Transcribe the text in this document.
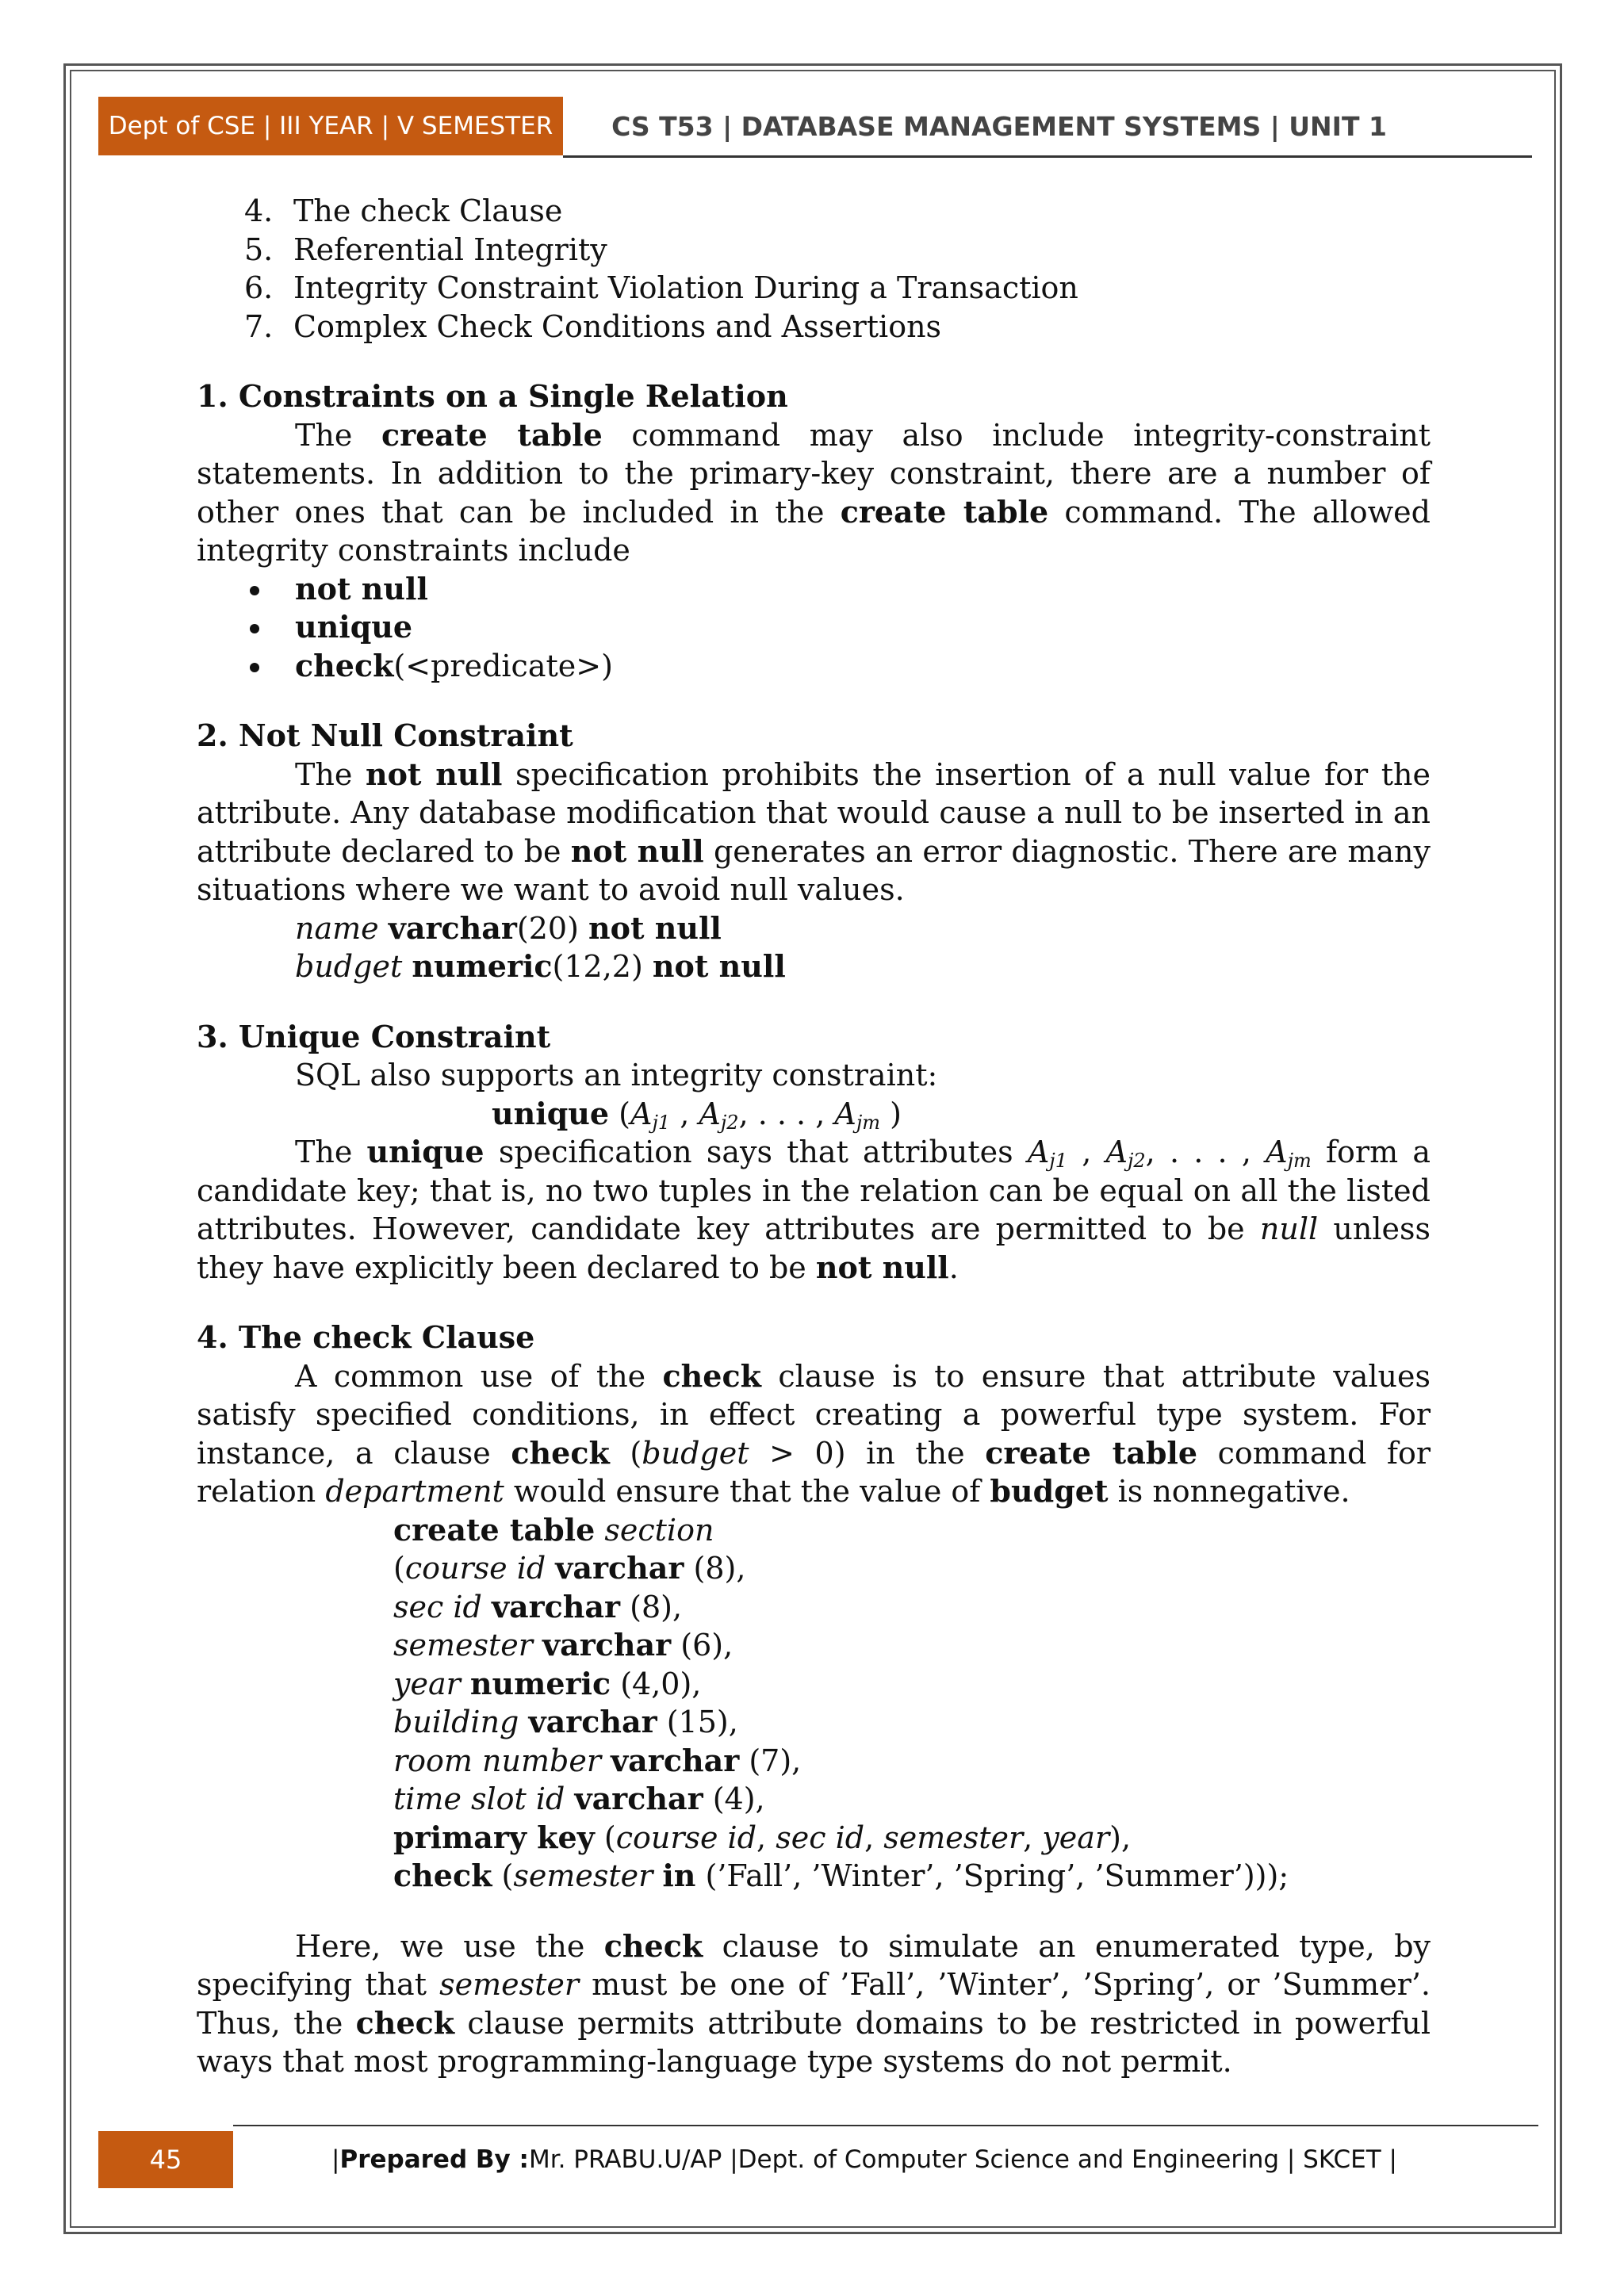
Dept of CSE | III YEAR | V SEMESTER	CS T53 | DATABASE MANAGEMENT SYSTEMS | UNIT 1
4. The check Clause
5. Referential Integrity
6. Integrity Constraint Violation During a Transaction
7. Complex Check Conditions and Assertions

1. Constraints on a Single Relation

The create table command may also include integrity-constraint statements. In addition to the primary-key constraint, there are a number of other ones that can be included in the create table command. The allowed integrity constraints include

not null
unique
check(<predicate>)

2. Not Null Constraint

The not null specification prohibits the insertion of a null value for the attribute. Any database modification that would cause a null to be inserted in an attribute declared to be not null generates an error diagnostic. There are many situations where we want to avoid null values.

name varchar(20) not null

budget numeric(12,2) not null

3. Unique Constraint

SQL also supports an integrity constraint:

unique ($A_{j1}$ , $A_{j2}$, . . . , $A_{jm}$ )

The unique specification says that attributes $A_{j1}$ , $A_{j2}$, . . . , $A_{jm}$ form a candidate key; that is, no two tuples in the relation can be equal on all the listed attributes. However, candidate key attributes are permitted to be null unless they have explicitly been declared to be not null.

4. The check Clause

A common use of the check clause is to ensure that attribute values satisfy specified conditions, in effect creating a powerful type system. For instance, a clause check (budget > 0) in the create table command for relation department would ensure that the value of budget is nonnegative.

create table section

(course id varchar (8),

sec id varchar (8),

semester varchar (6),

year numeric (4,0),

building varchar (15),

room number varchar (7),

time slot id varchar (4),

primary key (course id, sec id, semester, year),

check (semester in (’Fall’, ’Winter’, ’Spring’, ’Summer’)));

Here, we use the check clause to simulate an enumerated type, by specifying that semester must be one of ’Fall’, ’Winter’, ’Spring’, or ’Summer’. Thus, the check clause permits attribute domains to be restricted in powerful ways that most programming-language type systems do not permit.

45	| Prepared By : Mr. PRABU.U/AP |Dept. of Computer Science and Engineering | SKCET |
